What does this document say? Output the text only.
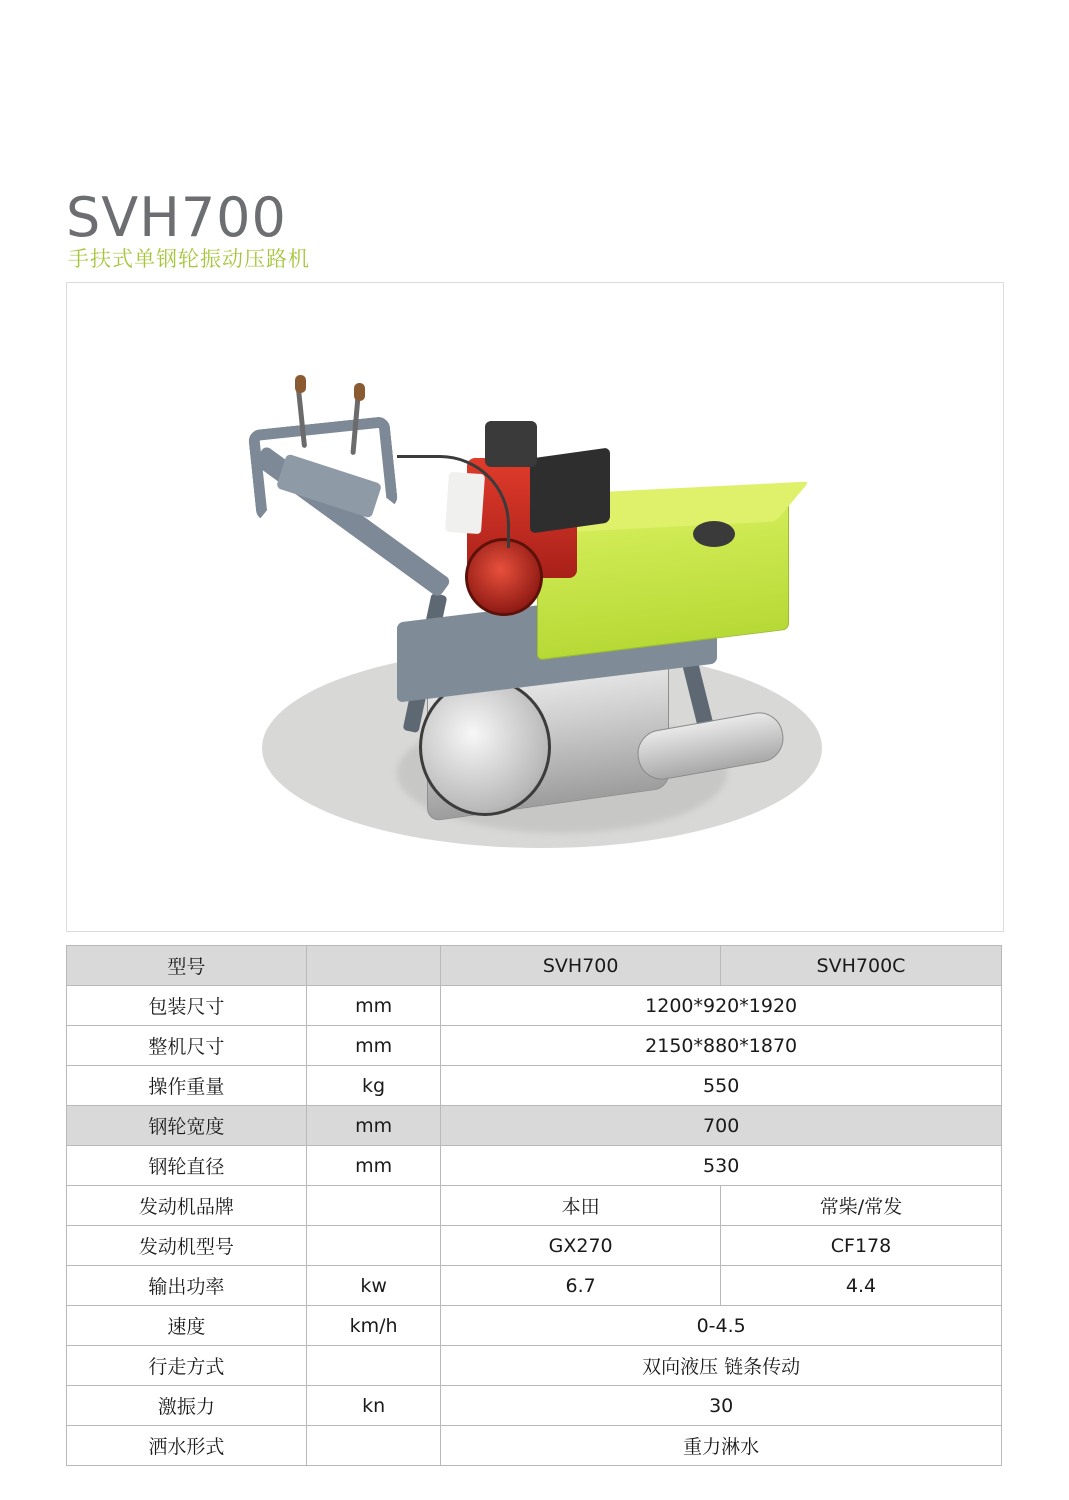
SVH700
手扶式单钢轮振动压路机
型号		SVH700	SVH700C
包装尺寸	mm	1200*920*1920	
整机尺寸	mm	2150*880*1870	
操作重量	kg	550	
钢轮宽度	mm	700	
钢轮直径	mm	530	
发动机品牌		本田	常柴/常发
发动机型号		GX270	CF178
输出功率	kw	6.7	4.4
速度	km/h	0-4.5	
行走方式		双向液压 链条传动	
激振力	kn	30	
洒水形式		重力淋水	
